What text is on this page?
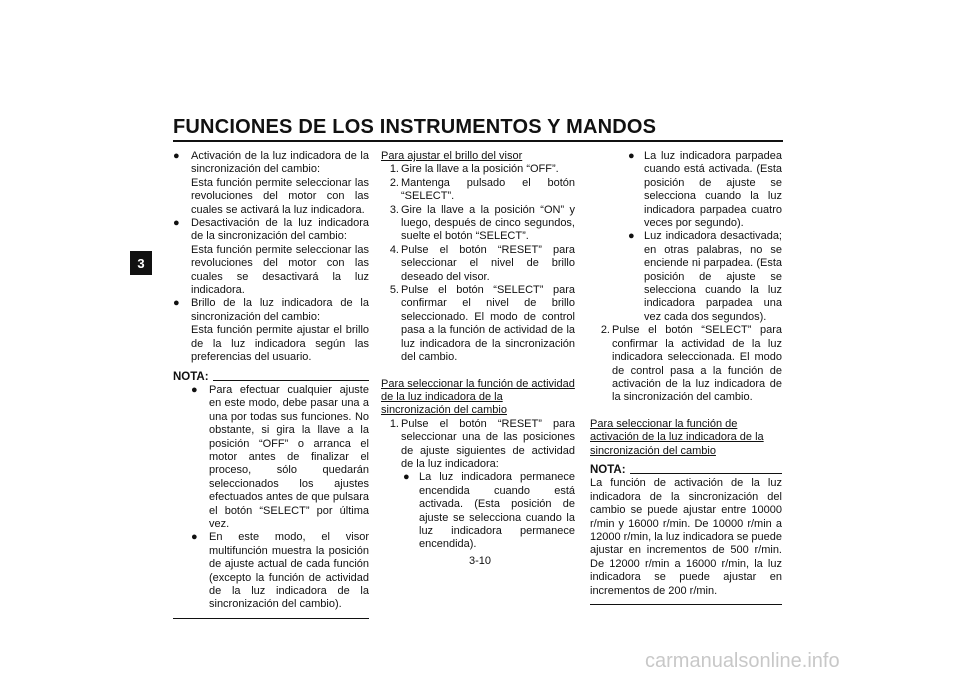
FUNCIONES DE LOS INSTRUMENTOS Y MANDOS
3
● Activación de la luz indicadora de la sincronización del cambio:
Esta función permite seleccionar las revoluciones del motor con las cuales se activará la luz indicadora.
● Desactivación de la luz indicadora de la sincronización del cambio:
Esta función permite seleccionar las revoluciones del motor con las cuales se desactivará la luz indicadora.
● Brillo de la luz indicadora de la sincronización del cambio:
Esta función permite ajustar el brillo de la luz indicadora según las preferencias del usuario.
NOTA:
● Para efectuar cualquier ajuste en este modo, debe pasar una a una por todas sus funciones. No obstante, si gira la llave a la posición “OFF” o arranca el motor antes de finalizar el proceso, sólo quedarán seleccionados los ajustes efectuados antes de que pulsara el botón “SELECT” por última vez.
● En este modo, el visor multifunción muestra la posición de ajuste actual de cada función (excepto la función de actividad de la luz indicadora de la sincronización del cambio).
Para ajustar el brillo del visor
1. Gire la llave a la posición “OFF”.
2. Mantenga pulsado el botón “SELECT”.
3. Gire la llave a la posición “ON” y luego, después de cinco segundos, suelte el botón “SELECT”.
4. Pulse el botón “RESET” para seleccionar el nivel de brillo deseado del visor.
5. Pulse el botón “SELECT” para confirmar el nivel de brillo seleccionado. El modo de control pasa a la función de actividad de la luz indicadora de la sincronización del cambio.
Para seleccionar la función de actividad de la luz indicadora de la sincronización del cambio
1. Pulse el botón “RESET” para seleccionar una de las posiciones de ajuste siguientes de actividad de la luz indicadora:
● La luz indicadora permanece encendida cuando está activada. (Esta posición de ajuste se selecciona cuando la luz indicadora permanece encendida).
● La luz indicadora parpadea cuando está activada. (Esta posición de ajuste se selecciona cuando la luz indicadora parpadea cuatro veces por segundo).
● Luz indicadora desactivada; en otras palabras, no se enciende ni parpadea. (Esta posición de ajuste se selecciona cuando la luz indicadora parpadea una vez cada dos segundos).
2. Pulse el botón “SELECT” para confirmar la actividad de la luz indicadora seleccionada. El modo de control pasa a la función de activación de la luz indicadora de la sincronización del cambio.
Para seleccionar la función de activación de la luz indicadora de la sincronización del cambio
NOTA:
La función de activación de la luz indicadora de la sincronización del cambio se puede ajustar entre 10000 r/min y 16000 r/min. De 10000 r/min a 12000 r/min, la luz indicadora se puede ajustar en incrementos de 500 r/min. De 12000 r/min a 16000 r/min, la luz indicadora se puede ajustar en incrementos de 200 r/min.
3-10
carmanualsonline.info
